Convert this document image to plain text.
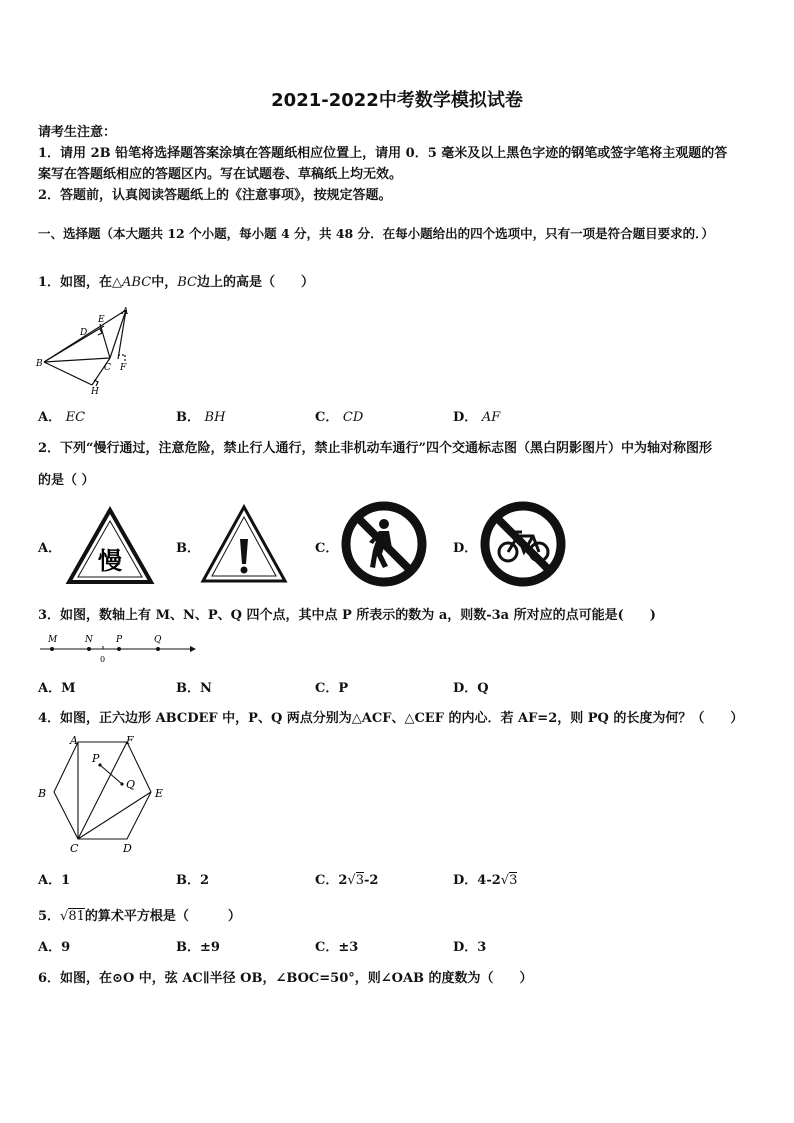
2021-2022中考数学模拟试卷
请考生注意：
1．请用 2B 铅笔将选择题答案涂填在答题纸相应位置上，请用 0．5 毫米及以上黑色字迹的钢笔或签字笔将主观题的答
案写在答题纸相应的答题区内。写在试题卷、草稿纸上均无效。
2．答题前，认真阅读答题纸上的《注意事项》，按规定答题。
一、选择题（本大题共 12 个小题，每小题 4 分，共 48 分．在每小题给出的四个选项中，只有一项是符合题目要求的．）
1．如图，在△ABC中，BC边上的高是（　　）
A
B	C
D
E
F
H
A． EC	B． BH	C． CD	D． AF
2．下列“慢行通过，注意危险，禁止行人通行，禁止非机动车通行”四个交通标志图（黑白阴影图片）中为轴对称图形
的是（ ）
A． 慢	B．	C．	D．
3．如图，数轴上有 M、N、P、Q 四个点，其中点 P 所表示的数为 a，则数-3a 所对应的点可能是(　　)
M	N	P	Q
0
A．M	B．N	C．P	D．Q
4．如图，正六边形 ABCDEF 中，P、Q 两点分别为△ACF、△CEF 的内心．若 AF=2，则 PQ 的长度为何？（　　）
A	F
B	E
C	D
P
Q
A．1	B．2	C．2√3-2	D．4-2√3
5．√81的算术平方根是（　　　）
A．9	B．±9	C．±3	D．3
6．如图，在⊙O 中，弦 AC∥半径 OB，∠BOC=50°，则∠OAB 的度数为（　　）
